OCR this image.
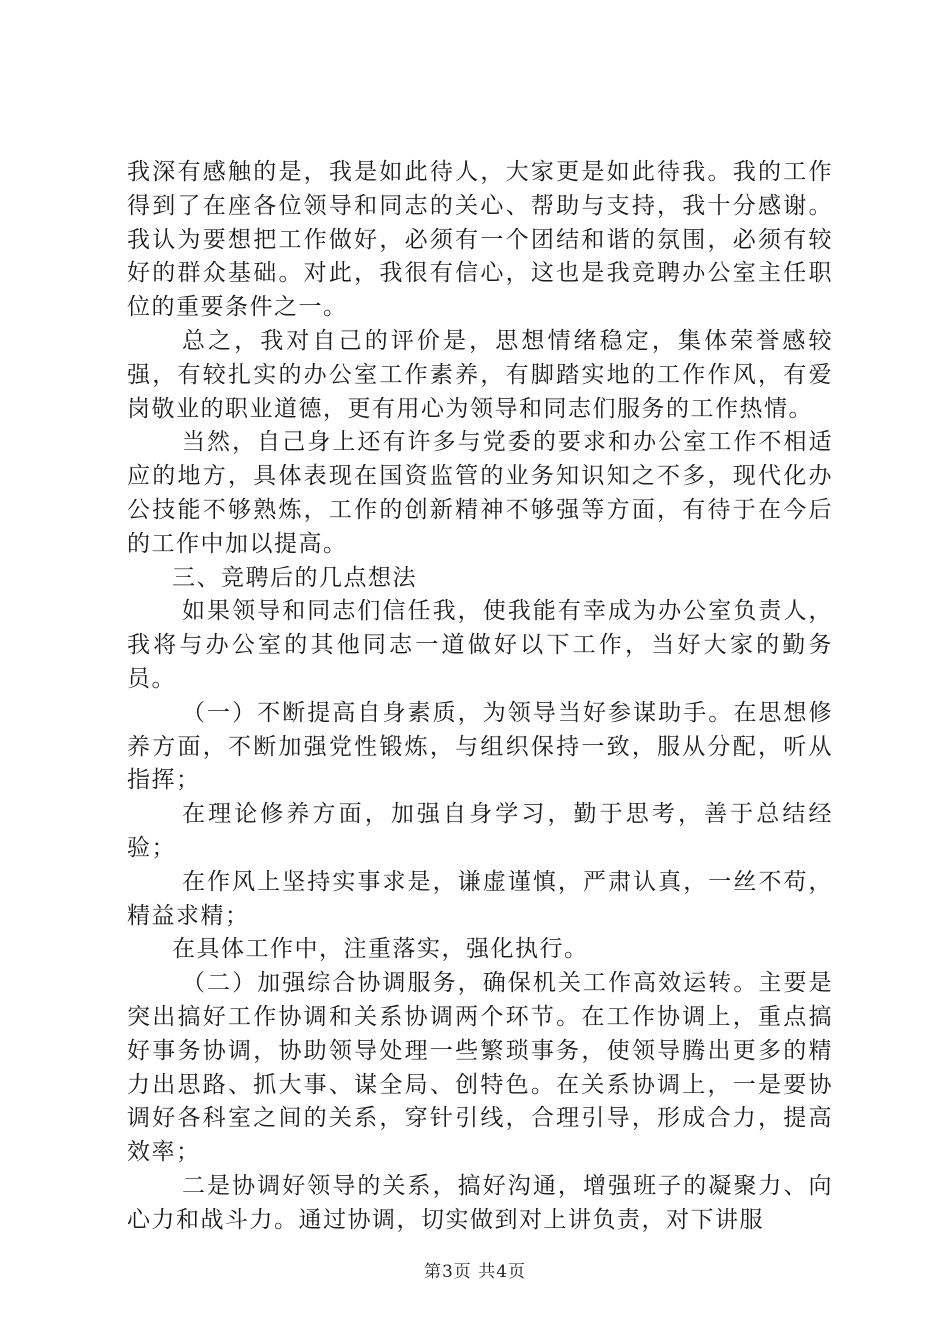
我深有感触的是，我是如此待人，大家更是如此待我。我的工作得到了在座各位领导和同志的关心、帮助与支持，我十分感谢。我认为要想把工作做好，必须有一个团结和谐的氛围，必须有较好的群众基础。对此，我很有信心，这也是我竞聘办公室主任职位的重要条件之一。

总之，我对自己的评价是，思想情绪稳定，集体荣誉感较强，有较扎实的办公室工作素养，有脚踏实地的工作作风，有爱岗敬业的职业道德，更有用心为领导和同志们服务的工作热情。

当然，自己身上还有许多与党委的要求和办公室工作不相适应的地方，具体表现在国资监管的业务知识知之不多，现代化办公技能不够熟炼，工作的创新精神不够强等方面，有待于在今后的工作中加以提高。

三、竞聘后的几点想法

如果领导和同志们信任我，使我能有幸成为办公室负责人，我将与办公室的其他同志一道做好以下工作，当好大家的勤务员。

（一）不断提高自身素质，为领导当好参谋助手。在思想修养方面，不断加强党性锻炼，与组织保持一致，服从分配，听从指挥；

在理论修养方面，加强自身学习，勤于思考，善于总结经验；

在作风上坚持实事求是，谦虚谨慎，严肃认真，一丝不苟，精益求精；

在具体工作中，注重落实，强化执行。

（二）加强综合协调服务，确保机关工作高效运转。主要是突出搞好工作协调和关系协调两个环节。在工作协调上，重点搞好事务协调，协助领导处理一些繁琐事务，使领导腾出更多的精力出思路、抓大事、谋全局、创特色。在关系协调上，一是要协调好各科室之间的关系，穿针引线，合理引导，形成合力，提高效率；

二是协调好领导的关系，搞好沟通，增强班子的凝聚力、向心力和战斗力。通过协调，切实做到对上讲负责，对下讲服

第3页 共4页
